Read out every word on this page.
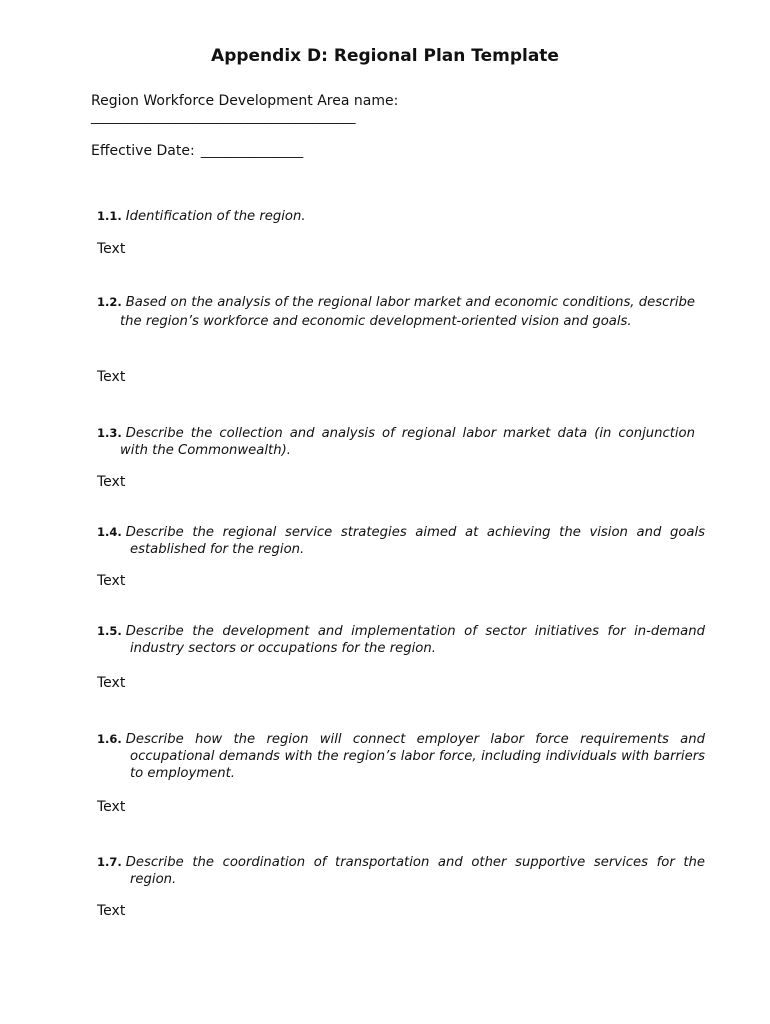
Appendix D: Regional Plan Template
Region Workforce Development Area name:
____________________________________________
Effective Date: _________________
1.1. Identification of the region.
Text
1.2. Based on the analysis of the regional labor market and economic conditions, describe the region’s workforce and economic development-oriented vision and goals.
Text
1.3. Describe the collection and analysis of regional labor market data (in conjunction with the Commonwealth).
Text
1.4. Describe the regional service strategies aimed at achieving the vision and goals established for the region.
Text
1.5. Describe the development and implementation of sector initiatives for in-demand industry sectors or occupations for the region.
Text
1.6. Describe how the region will connect employer labor force requirements and occupational demands with the region’s labor force, including individuals with barriers to employment.
Text
1.7. Describe the coordination of transportation and other supportive services for the region.
Text
